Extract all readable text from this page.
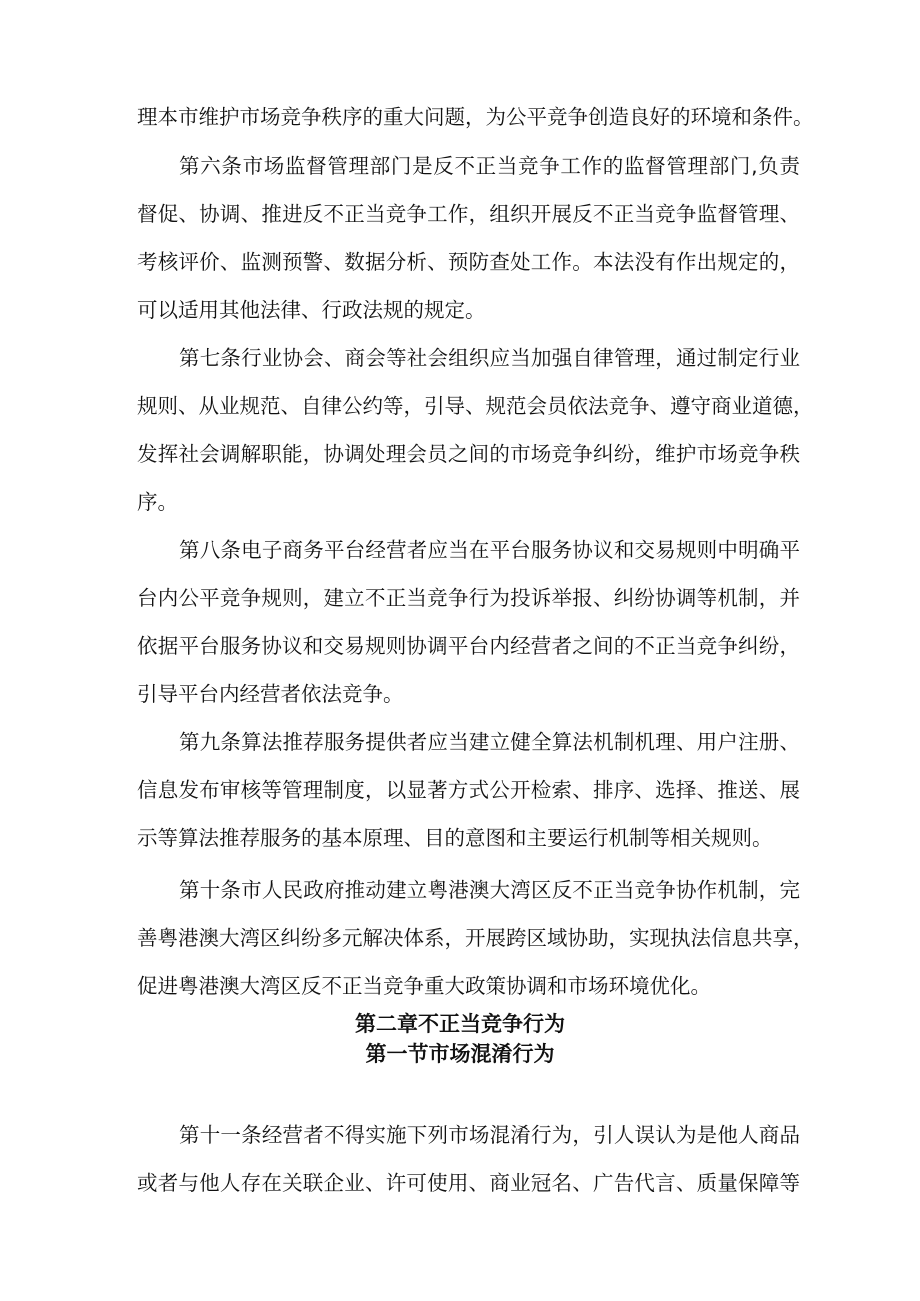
理本市维护市场竞争秩序的重大问题，为公平竞争创造良好的环境和条件。
第六条市场监督管理部门是反不正当竞争工作的监督管理部门,负责
督促、协调、推进反不正当竞争工作，组织开展反不正当竞争监督管理、
考核评价、监测预警、数据分析、预防查处工作。本法没有作出规定的，
可以适用其他法律、行政法规的规定。
第七条行业协会、商会等社会组织应当加强自律管理，通过制定行业
规则、从业规范、自律公约等，引导、规范会员依法竞争、遵守商业道德，
发挥社会调解职能，协调处理会员之间的市场竞争纠纷，维护市场竞争秩
序。
第八条电子商务平台经营者应当在平台服务协议和交易规则中明确平
台内公平竞争规则，建立不正当竞争行为投诉举报、纠纷协调等机制，并
依据平台服务协议和交易规则协调平台内经营者之间的不正当竞争纠纷，
引导平台内经营者依法竞争。
第九条算法推荐服务提供者应当建立健全算法机制机理、用户注册、
信息发布审核等管理制度，以显著方式公开检索、排序、选择、推送、展
示等算法推荐服务的基本原理、目的意图和主要运行机制等相关规则。
第十条市人民政府推动建立粤港澳大湾区反不正当竞争协作机制，完
善粤港澳大湾区纠纷多元解决体系，开展跨区域协助，实现执法信息共享，
促进粤港澳大湾区反不正当竞争重大政策协调和市场环境优化。
第二章不正当竞争行为
第一节市场混淆行为
第十一条经营者不得实施下列市场混淆行为，引人误认为是他人商品
或者与他人存在关联企业、许可使用、商业冠名、广告代言、质量保障等
